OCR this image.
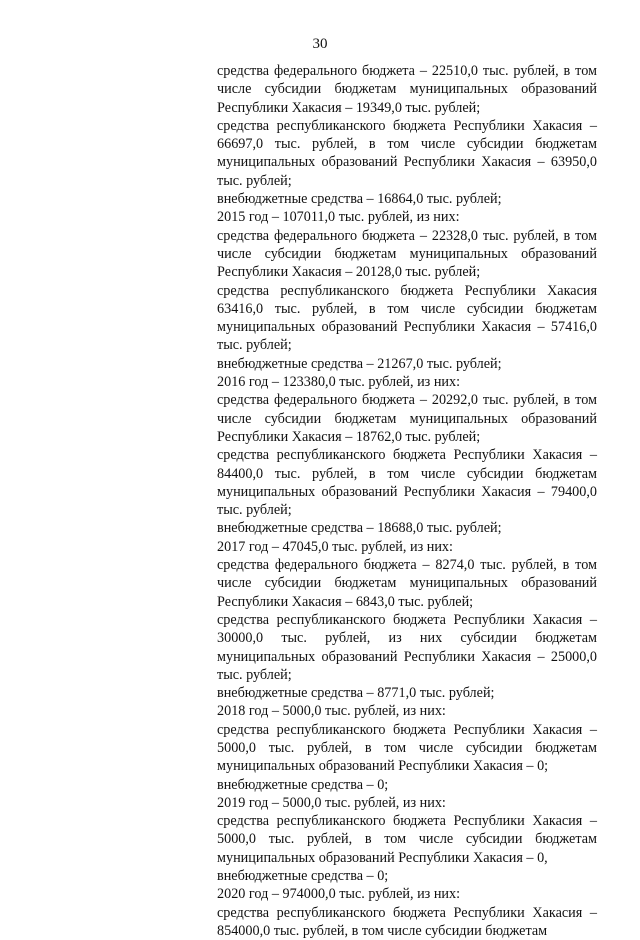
30

средства федерального бюджета – 22510,0 тыс. рублей, в том числе субсидии бюджетам муниципальных образований Республики Хакасия – 19349,0 тыс. рублей;

средства республиканского бюджета Республики Хакасия – 66697,0 тыс. рублей, в том числе субсидии бюджетам муниципальных образований Республики Хакасия – 63950,0 тыс. рублей;

внебюджетные средства – 16864,0 тыс. рублей;

2015 год – 107011,0 тыс. рублей, из них:

средства федерального бюджета – 22328,0 тыс. рублей, в том числе субсидии бюджетам муниципальных образований Республики Хакасия – 20128,0 тыс. рублей;

средства республиканского бюджета Республики Хакасия 63416,0 тыс. рублей, в том числе субсидии бюджетам муниципальных образований Республики Хакасия – 57416,0 тыс. рублей;

внебюджетные средства – 21267,0 тыс. рублей;

2016 год – 123380,0 тыс. рублей, из них:

средства федерального бюджета – 20292,0 тыс. рублей, в том числе субсидии бюджетам муниципальных образований Республики Хакасия – 18762,0 тыс. рублей;

средства республиканского бюджета Республики Хакасия – 84400,0 тыс. рублей, в том числе субсидии бюджетам муниципальных образований Республики Хакасия – 79400,0 тыс. рублей;

внебюджетные средства – 18688,0 тыс. рублей;

2017 год – 47045,0 тыс. рублей, из них:

средства федерального бюджета – 8274,0 тыс. рублей, в том числе субсидии бюджетам муниципальных образований Республики Хакасия – 6843,0 тыс. рублей;

средства республиканского бюджета Республики Хакасия – 30000,0 тыс. рублей, из них субсидии бюджетам муниципальных образований Республики Хакасия – 25000,0 тыс. рублей;

внебюджетные средства – 8771,0 тыс. рублей;

2018 год – 5000,0 тыс. рублей, из них:

средства республиканского бюджета Республики Хакасия – 5000,0 тыс. рублей, в том числе субсидии бюджетам муниципальных образований Республики Хакасия – 0;

внебюджетные средства – 0;

2019 год – 5000,0 тыс. рублей, из них:

средства республиканского бюджета Республики Хакасия – 5000,0 тыс. рублей, в том числе субсидии бюджетам муниципальных образований Республики Хакасия – 0,

внебюджетные средства – 0;

2020 год – 974000,0 тыс. рублей, из них:

средства республиканского бюджета Республики Хакасия – 854000,0 тыс. рублей, в том числе субсидии бюджетам
